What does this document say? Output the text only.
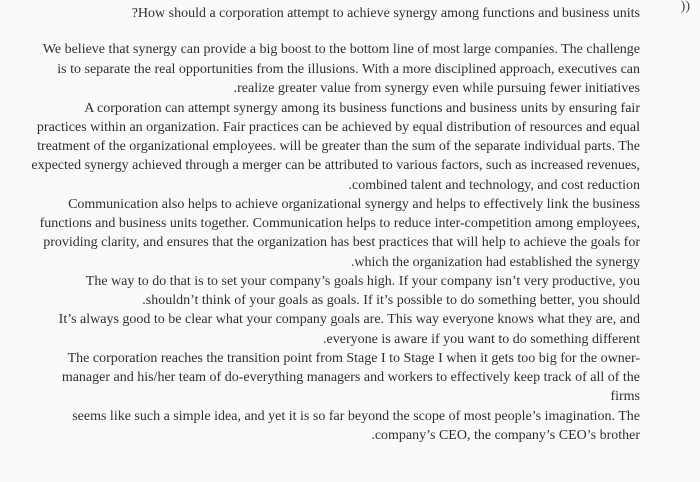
))
?How should a corporation attempt to achieve synergy among functions and business units
We believe that synergy can provide a big boost to the bottom line of most large companies. The challenge
is to separate the real opportunities from the illusions. With a more disciplined approach, executives can
.realize greater value from synergy even while pursuing fewer initiatives
A corporation can attempt synergy among its business functions and business units by ensuring fair
practices within an organization. Fair practices can be achieved by equal distribution of resources and equal
treatment of the organizational employees. will be greater than the sum of the separate individual parts. The
expected synergy achieved through a merger can be attributed to various factors, such as increased revenues,
.combined talent and technology, and cost reduction
Communication also helps to achieve organizational synergy and helps to effectively link the business
functions and business units together. Communication helps to reduce inter-competition among employees,
providing clarity, and ensures that the organization has best practices that will help to achieve the goals for
.which the organization had established the synergy
The way to do that is to set your company’s goals high. If your company isn’t very productive, you
.shouldn’t think of your goals as goals. If it’s possible to do something better, you should
It’s always good to be clear what your company goals are. This way everyone knows what they are, and
.everyone is aware if you want to do something different
The corporation reaches the transition point from Stage I to Stage I when it gets too big for the owner-
manager and his/her team of do-everything managers and workers to effectively keep track of all of the
firms
seems like such a simple idea, and yet it is so far beyond the scope of most people’s imagination. The
.company’s CEO, the company’s CEO’s brother
